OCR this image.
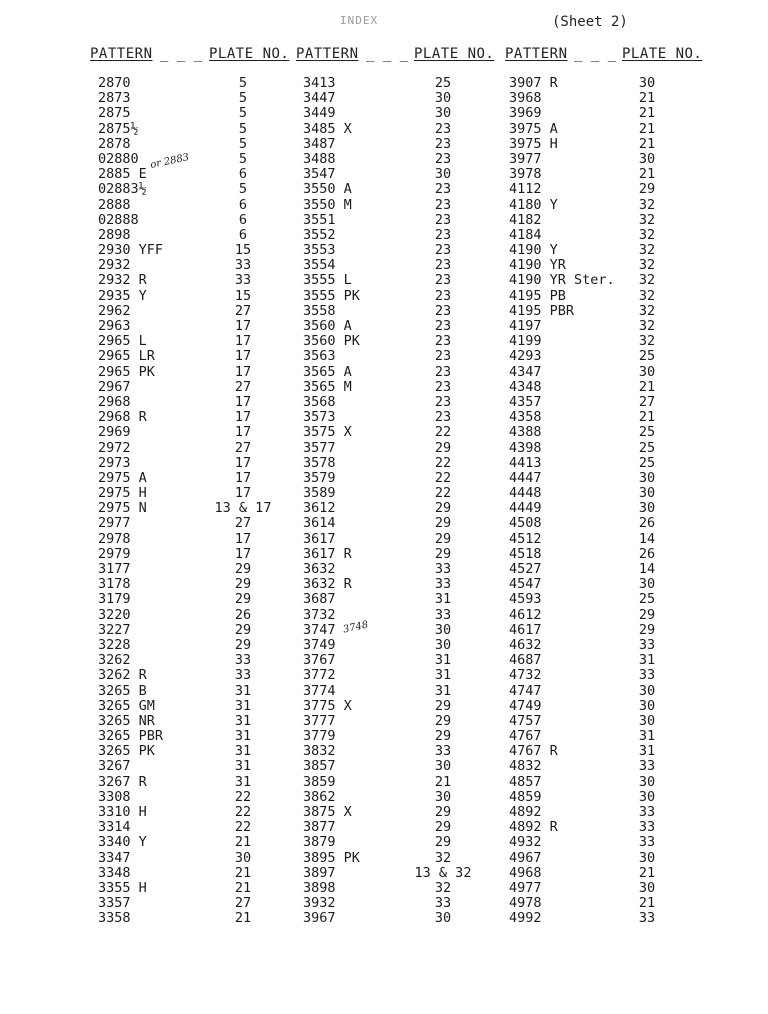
INDEX	(Sheet 2)
PATTERN _ _ _ PLATE NO. PATTERN _ _ _ PLATE NO. PATTERN _ _ _ PLATE NO.
2870	5	3413	25	3907 R	30
2873	5	3447	30	3968	21
2875	5	3449	30	3969	21
2875½	5	3485 X	23	3975 A	21
2878	5	3487	23	3975 H	21
02880	5	3488	23	3977	30
2885 E	6	3547	30	3978	21
02883½	5	3550 A	23	4112	29
2888	6	3550 M	23	4180 Y	32
02888	6	3551	23	4182	32
2898	6	3552	23	4184	32
2930 YFF	15	3553	23	4190 Y	32
2932	33	3554	23	4190 YR	32
2932 R	33	3555 L	23	4190 YR Ster.	32
2935 Y	15	3555 PK	23	4195 PB	32
2962	27	3558	23	4195 PBR	32
2963	17	3560 A	23	4197	32
2965 L	17	3560 PK	23	4199	32
2965 LR	17	3563	23	4293	25
2965 PK	17	3565 A	23	4347	30
2967	27	3565 M	23	4348	21
2968	17	3568	23	4357	27
2968 R	17	3573	23	4358	21
2969	17	3575 X	22	4388	25
2972	27	3577	29	4398	25
2973	17	3578	22	4413	25
2975 A	17	3579	22	4447	30
2975 H	17	3589	22	4448	30
2975 N	13 & 17	3612	29	4449	30
2977	27	3614	29	4508	26
2978	17	3617	29	4512	14
2979	17	3617 R	29	4518	26
3177	29	3632	33	4527	14
3178	29	3632 R	33	4547	30
3179	29	3687	31	4593	25
3220	26	3732	33	4612	29
3227	29	3747	30	4617	29
3228	29	3749	30	4632	33
3262	33	3767	31	4687	31
3262 R	33	3772	31	4732	33
3265 B	31	3774	31	4747	30
3265 GM	31	3775 X	29	4749	30
3265 NR	31	3777	29	4757	30
3265 PBR	31	3779	29	4767	31
3265 PK	31	3832	33	4767 R	31
3267	31	3857	30	4832	33
3267 R	31	3859	21	4857	30
3308	22	3862	30	4859	30
3310 H	22	3875 X	29	4892	33
3314	22	3877	29	4892 R	33
3340 Y	21	3879	29	4932	33
3347	30	3895 PK	32	4967	30
3348	21	3897	13 & 32	4968	21
3355 H	21	3898	32	4977	30
3357	27	3932	33	4978	21
3358	21	3967	30	4992	33
or 2883
3748
